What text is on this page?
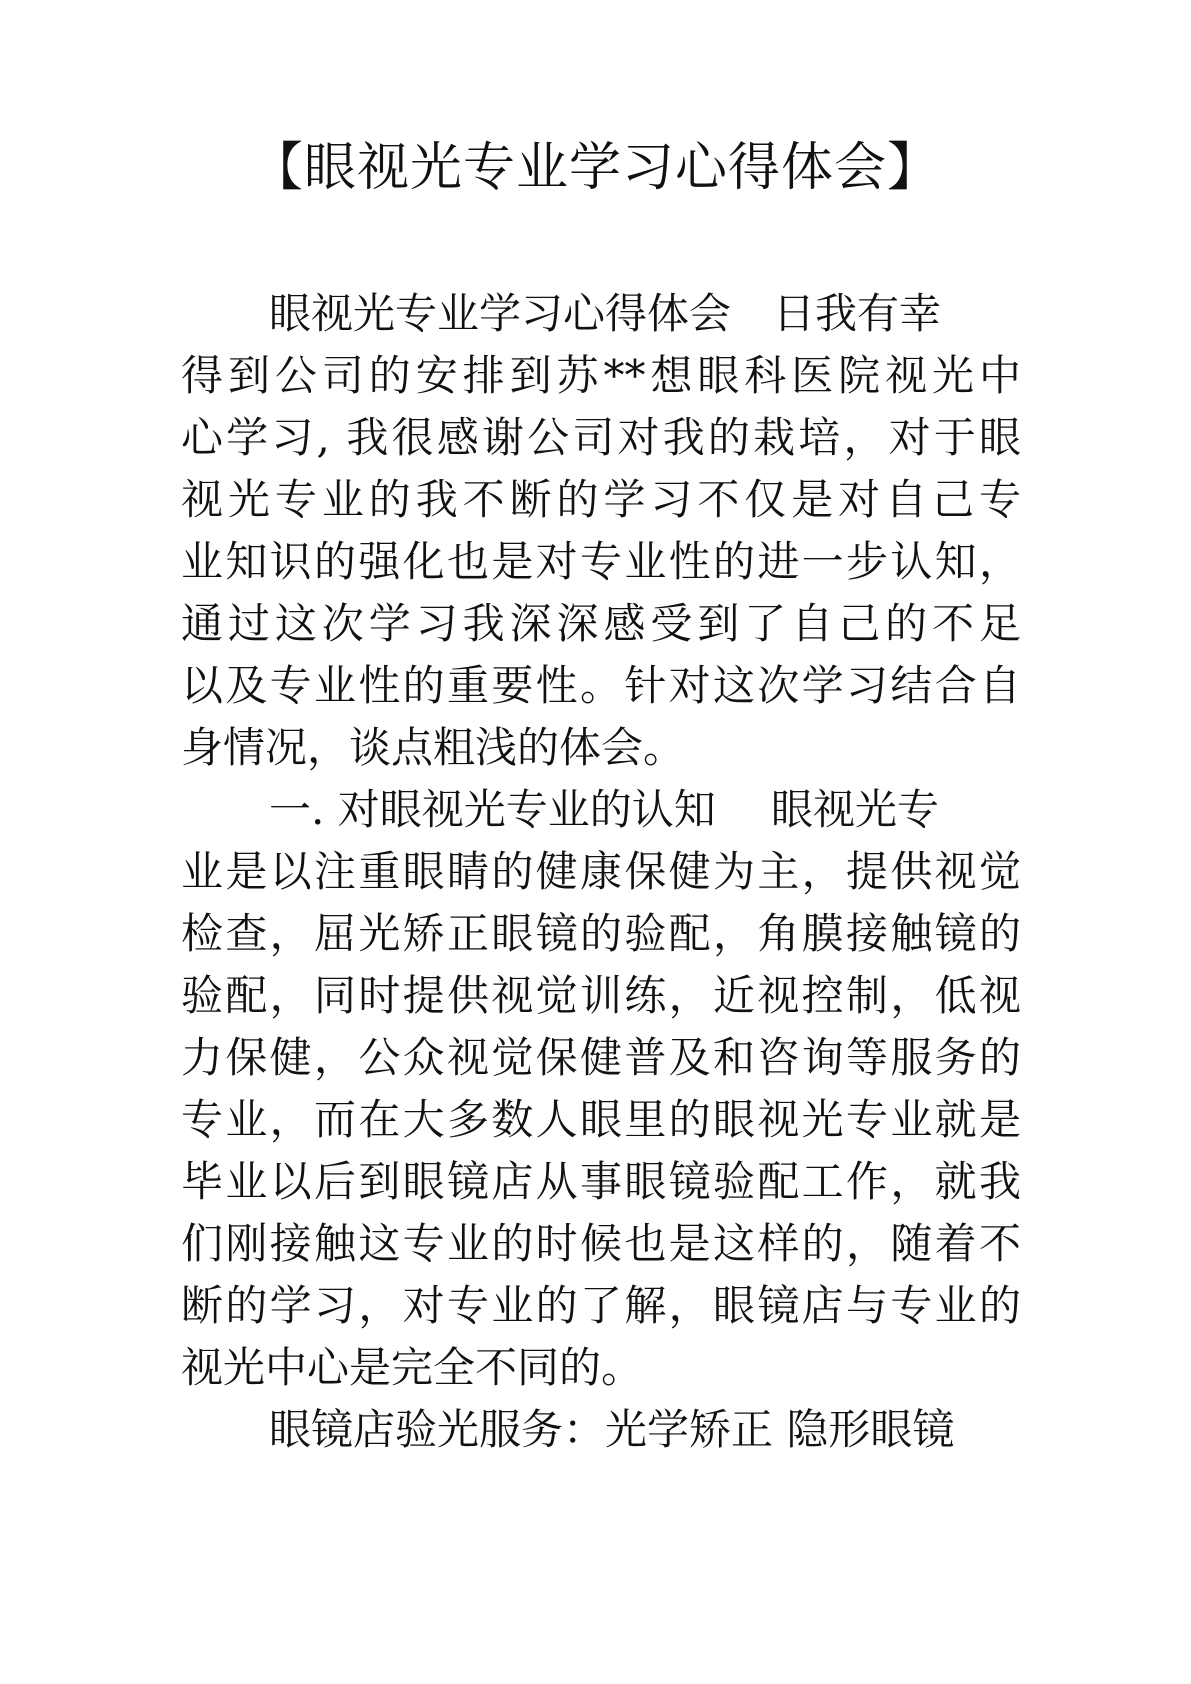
【眼视光专业学习心得体会】
眼视光专业学习心得体会　日我有幸
得到公司的安排到苏**想眼科医院视光中
心学习, 我很感谢公司对我的栽培，对于眼
视光专业的我不断的学习不仅是对自己专
业知识的强化也是对专业性的进一步认知，
通过这次学习我深深感受到了自己的不足
以及专业性的重要性。针对这次学习结合自
身情况，谈点粗浅的体会。
一. 对眼视光专业的认知　 眼视光专
业是以注重眼睛的健康保健为主，提供视觉
检查，屈光矫正眼镜的验配，角膜接触镜的
验配，同时提供视觉训练，近视控制，低视
力保健，公众视觉保健普及和咨询等服务的
专业，而在大多数人眼里的眼视光专业就是
毕业以后到眼镜店从事眼镜验配工作，就我
们刚接触这专业的时候也是这样的，随着不
断的学习，对专业的了解，眼镜店与专业的
视光中心是完全不同的。
眼镜店验光服务：光学矫正 隐形眼镜
